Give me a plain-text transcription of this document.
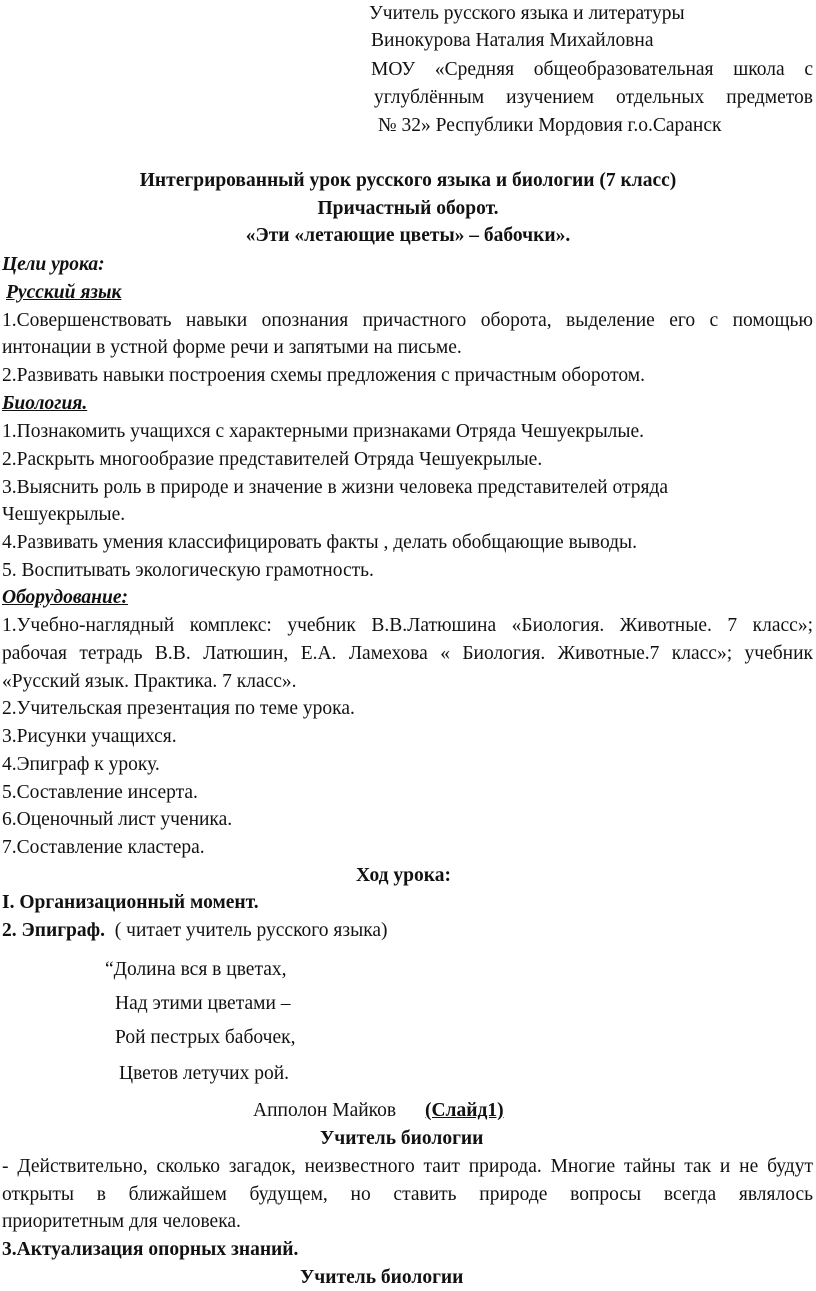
Учитель русского языка и литературы
Винокурова Наталия Михайловна
МОУ «Средняя общеобразовательная школа с
углублённым изучением отдельных предметов
№ 32» Республики Мордовия г.о.Саранск
Интегрированный урок русского языка и биологии (7 класс)
Причастный оборот.
«Эти «летающие цветы» – бабочки».
Цели урока:
Русский язык
1.Совершенствовать навыки опознания причастного оборота, выделение его с помощью
интонации в устной форме речи и запятыми на письме.
2.Развивать навыки построения схемы предложения с причастным оборотом.
Биология.
1.Познакомить учащихся с характерными признаками Отряда Чешуекрылые.
2.Раскрыть многообразие представителей Отряда Чешуекрылые.
3.Выяснить роль в природе и значение в жизни человека представителей отряда
Чешуекрылые.
4.Развивать умения классифицировать факты , делать обобщающие выводы.
5. Воспитывать экологическую грамотность.
Оборудование:
1.Учебно-наглядный комплекс: учебник В.В.Латюшина «Биология. Животные. 7 класс»;
рабочая тетрадь В.В. Латюшин, Е.А. Ламехова « Биология. Животные.7 класс»; учебник
«Русский язык. Практика. 7 класс».
2.Учительская презентация по теме урока.
3.Рисунки учащихся.
4.Эпиграф к уроку.
5.Составление инсерта.
6.Оценочный лист ученика.
7.Составление кластера.
Ход урока:
I. Организационный момент.
2. Эпиграф. ( читает учитель русского языка)
“Долина вся в цветах,
Над этими цветами –
Рой пестрых бабочек,
Цветов летучих рой.
Апполон Майков (Слайд1)
Учитель биологии
- Действительно, сколько загадок, неизвестного таит природа. Многие тайны так и не будут
открыты в ближайшем будущем, но ставить природе вопросы всегда являлось
приоритетным для человека.
3.Актуализация опорных знаний.
Учитель биологии
